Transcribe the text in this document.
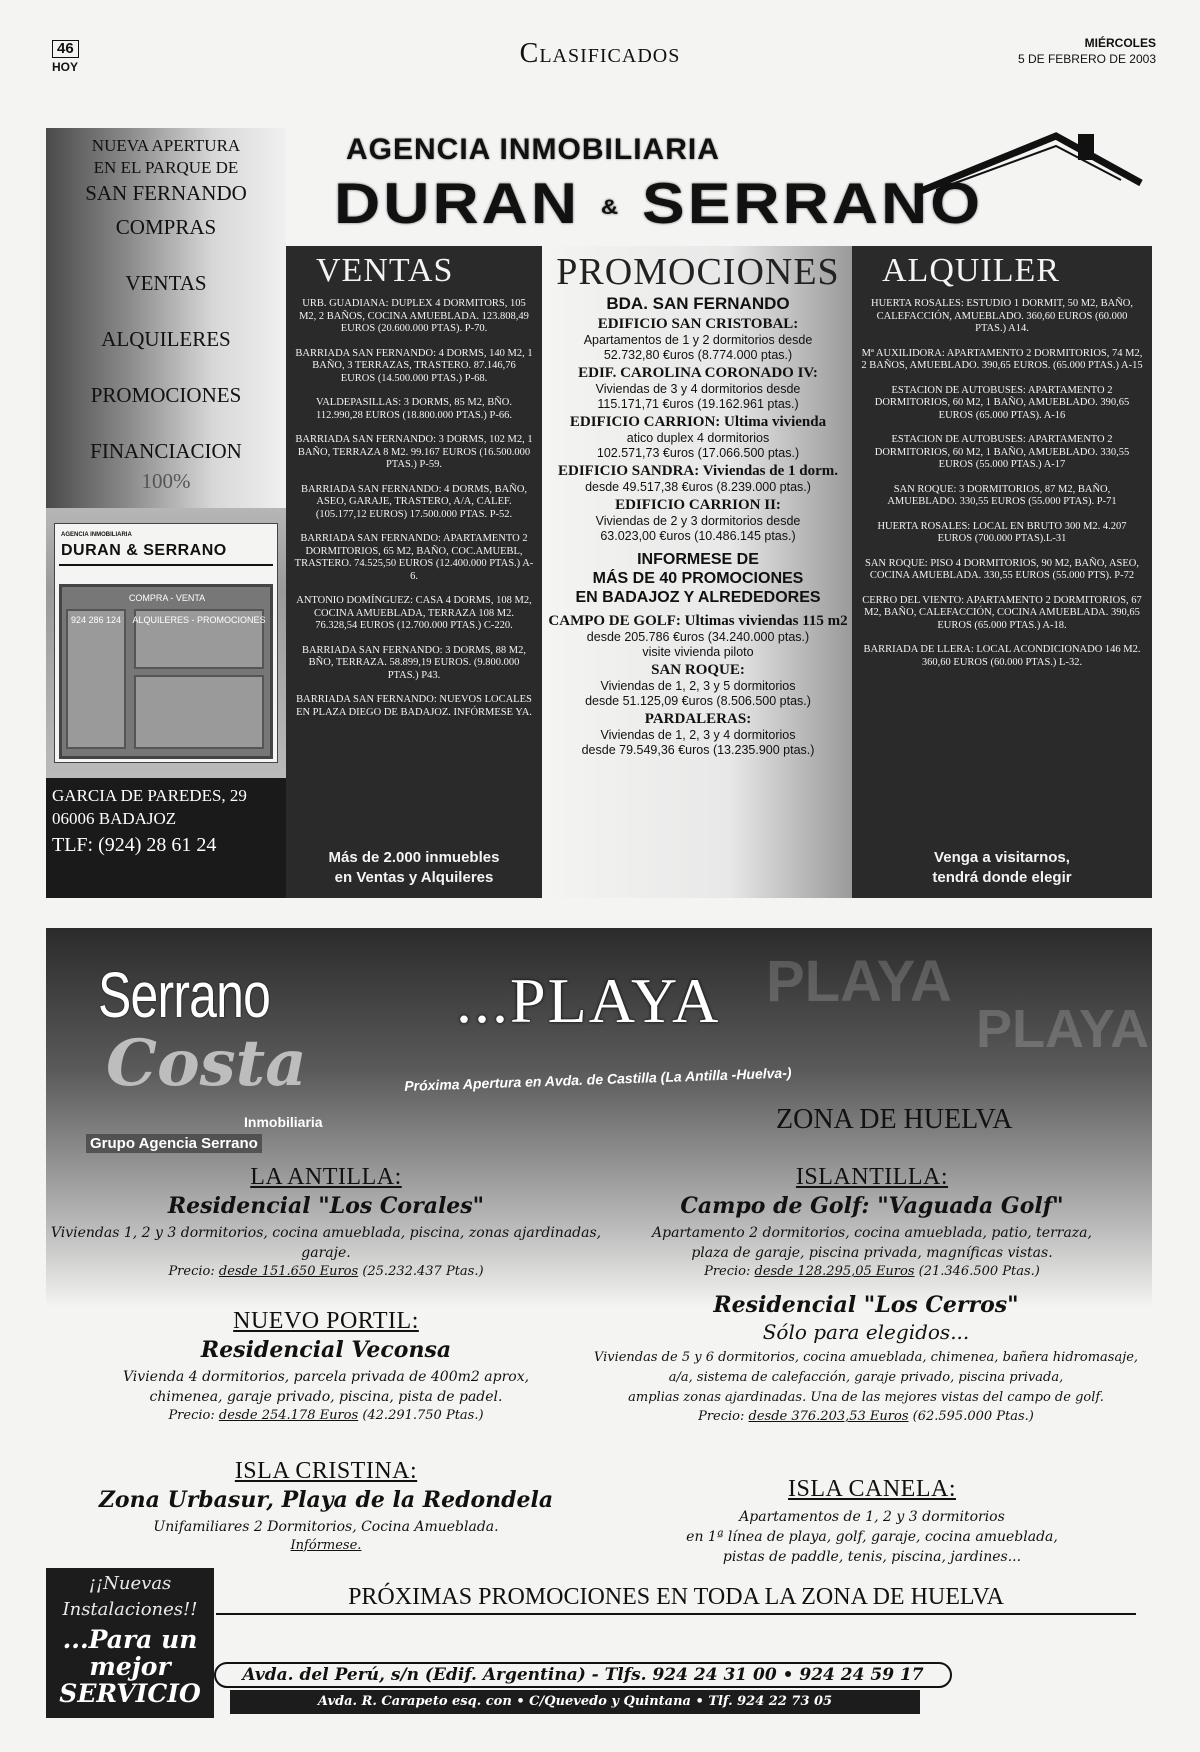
46
HOY	Clasificados	MIÉRCOLES
5 DE FEBRERO DE 2003
NUEVA APERTURA
EN EL PARQUE DE
SAN FERNANDO
COMPRAS
VENTAS
ALQUILERES
PROMOCIONES
FINANCIACION
100%
AGENCIA INMOBILIARIA
DURAN & SERRANO
COMPRA - VENTA
ALQUILERES - PROMOCIONES
924 286 124
GARCIA DE PAREDES, 29
06006 BADAJOZ
TLF: (924) 28 61 24
AGENCIA INMOBILIARIA
DURAN & SERRANO
VENTAS
URB. GUADIANA: DUPLEX 4 DORMITORS, 105 M2, 2 BAÑOS, COCINA AMUEBLADA. 123.808,49 EUROS (20.600.000 PTAS). P-70.
BARRIADA SAN FERNANDO: 4 DORMS, 140 M2, 1 BAÑO, 3 TERRAZAS, TRASTERO. 87.146,76 EUROS (14.500.000 PTAS.) P-68.
VALDEPASILLAS: 3 DORMS, 85 M2, BÑO. 112.990,28 EUROS (18.800.000 PTAS.) P-66.
BARRIADA SAN FERNANDO: 3 DORMS, 102 M2, 1 BAÑO, TERRAZA 8 M2. 99.167 EUROS (16.500.000 PTAS.) P-59.
BARRIADA SAN FERNANDO: 4 DORMS, BAÑO, ASEO, GARAJE, TRASTERO, A/A, CALEF. (105.177,12 EUROS) 17.500.000 PTAS. P-52.
BARRIADA SAN FERNANDO: APARTAMENTO 2 DORMITORIOS, 65 M2, BAÑO, COC.AMUEBL, TRASTERO. 74.525,50 EUROS (12.400.000 PTAS.) A-6.
ANTONIO DOMÍNGUEZ: CASA 4 DORMS, 108 M2, COCINA AMUEBLADA, TERRAZA 108 M2. 76.328,54 EUROS (12.700.000 PTAS.) C-220.
BARRIADA SAN FERNANDO: 3 DORMS, 88 M2, BÑO, TERRAZA. 58.899,19 EUROS. (9.800.000 PTAS.) P43.
BARRIADA SAN FERNANDO: NUEVOS LOCALES EN PLAZA DIEGO DE BADAJOZ. INFÓRMESE YA.
Más de 2.000 inmuebles
en Ventas y Alquileres
PROMOCIONES
BDA. SAN FERNANDO
EDIFICIO SAN CRISTOBAL:
Apartamentos de 1 y 2 dormitorios desde
52.732,80 €uros (8.774.000 ptas.)
EDIF. CAROLINA CORONADO IV:
Viviendas de 3 y 4 dormitorios desde
115.171,71 €uros (19.162.961 ptas.)
EDIFICIO CARRION: Ultima vivienda
atico duplex 4 dormitorios
102.571,73 €uros (17.066.500 ptas.)
EDIFICIO SANDRA: Viviendas de 1 dorm.
desde 49.517,38 €uros (8.239.000 ptas.)
EDIFICIO CARRION II:
Viviendas de 2 y 3 dormitorios desde
63.023,00 €uros (10.486.145 ptas.)
INFORMESE DE
MÁS DE 40 PROMOCIONES
EN BADAJOZ Y ALREDEDORES
CAMPO DE GOLF: Ultimas viviendas 115 m2
desde 205.786 €uros (34.240.000 ptas.)
visite vivienda piloto
SAN ROQUE:
Viviendas de 1, 2, 3 y 5 dormitorios
desde 51.125,09 €uros (8.506.500 ptas.)
PARDALERAS:
Viviendas de 1, 2, 3 y 4 dormitorios
desde 79.549,36 €uros (13.235.900 ptas.)
ALQUILER
HUERTA ROSALES: ESTUDIO 1 DORMIT, 50 M2, BAÑO, CALEFACCIÓN, AMUEBLADO. 360,60 EUROS (60.000 PTAS.) A14.
Mª AUXILIDORA: APARTAMENTO 2 DORMITORIOS, 74 M2, 2 BAÑOS, AMUEBLADO. 390,65 EUROS. (65.000 PTAS.) A-15
ESTACION DE AUTOBUSES: APARTAMENTO 2 DORMITORIOS, 60 M2, 1 BAÑO, AMUEBLADO. 390,65 EUROS (65.000 PTAS). A-16
ESTACION DE AUTOBUSES: APARTAMENTO 2 DORMITORIOS, 60 M2, 1 BAÑO, AMUEBLADO. 330,55 EUROS (55.000 PTAS.) A-17
SAN ROQUE: 3 DORMITORIOS, 87 M2, BAÑO, AMUEBLADO. 330,55 EUROS (55.000 PTAS). P-71
HUERTA ROSALES: LOCAL EN BRUTO 300 M2. 4.207 EUROS (700.000 PTAS).L-31
SAN ROQUE: PISO 4 DORMITORIOS, 90 M2, BAÑO, ASEO, COCINA AMUEBLADA. 330,55 EUROS (55.000 PTS). P-72
CERRO DEL VIENTO: APARTAMENTO 2 DORMITORIOS, 67 M2, BAÑO, CALEFACCIÓN, COCINA AMUEBLADA. 390,65 EUROS (65.000 PTAS.) A-18.
BARRIADA DE LLERA: LOCAL ACONDICIONADO 146 M2. 360,60 EUROS (60.000 PTAS.) L-32.
Venga a visitarnos,
tendrá donde elegir
PLAYA
PLAYA
Serrano
Costa
Inmobiliaria
Grupo Agencia Serrano
...PLAYA
Próxima Apertura en Avda. de Castilla (La Antilla -Huelva-)
ZONA DE HUELVA
LA ANTILLA:
Residencial "Los Corales"
Viviendas 1, 2 y 3 dormitorios, cocina amueblada, piscina, zonas ajardinadas, garaje.
Precio: desde 151.650 Euros (25.232.437 Ptas.)
NUEVO PORTIL:
Residencial Veconsa
Vivienda 4 dormitorios, parcela privada de 400m2 aprox,
chimenea, garaje privado, piscina, pista de padel.
Precio: desde 254.178 Euros (42.291.750 Ptas.)
ISLA CRISTINA:
Zona Urbasur, Playa de la Redondela
Unifamiliares 2 Dormitorios, Cocina Amueblada.
Infórmese.
ISLANTILLA:
Campo de Golf: "Vaguada Golf"
Apartamento 2 dormitorios, cocina amueblada, patio, terraza,
plaza de garaje, piscina privada, magníficas vistas.
Precio: desde 128.295,05 Euros (21.346.500 Ptas.)
Residencial "Los Cerros"
Sólo para elegidos...
Viviendas de 5 y 6 dormitorios, cocina amueblada, chimenea, bañera hidromasaje,
a/a, sistema de calefacción, garaje privado, piscina privada,
amplias zonas ajardinadas. Una de las mejores vistas del campo de golf.
Precio: desde 376.203,53 Euros (62.595.000 Ptas.)
ISLA CANELA:
Apartamentos de 1, 2 y 3 dormitorios
en 1ª línea de playa, golf, garaje, cocina amueblada,
pistas de paddle, tenis, piscina, jardines...
¡¡Nuevas
Instalaciones!!
...Para un
mejor
SERVICIO
PRÓXIMAS PROMOCIONES EN TODA LA ZONA DE HUELVA
Avda. del Perú, s/n (Edif. Argentina) - Tlfs. 924 24 31 00 • 924 24 59 17
Avda. R. Carapeto esq. con • C/Quevedo y Quintana • Tlf. 924 22 73 05
